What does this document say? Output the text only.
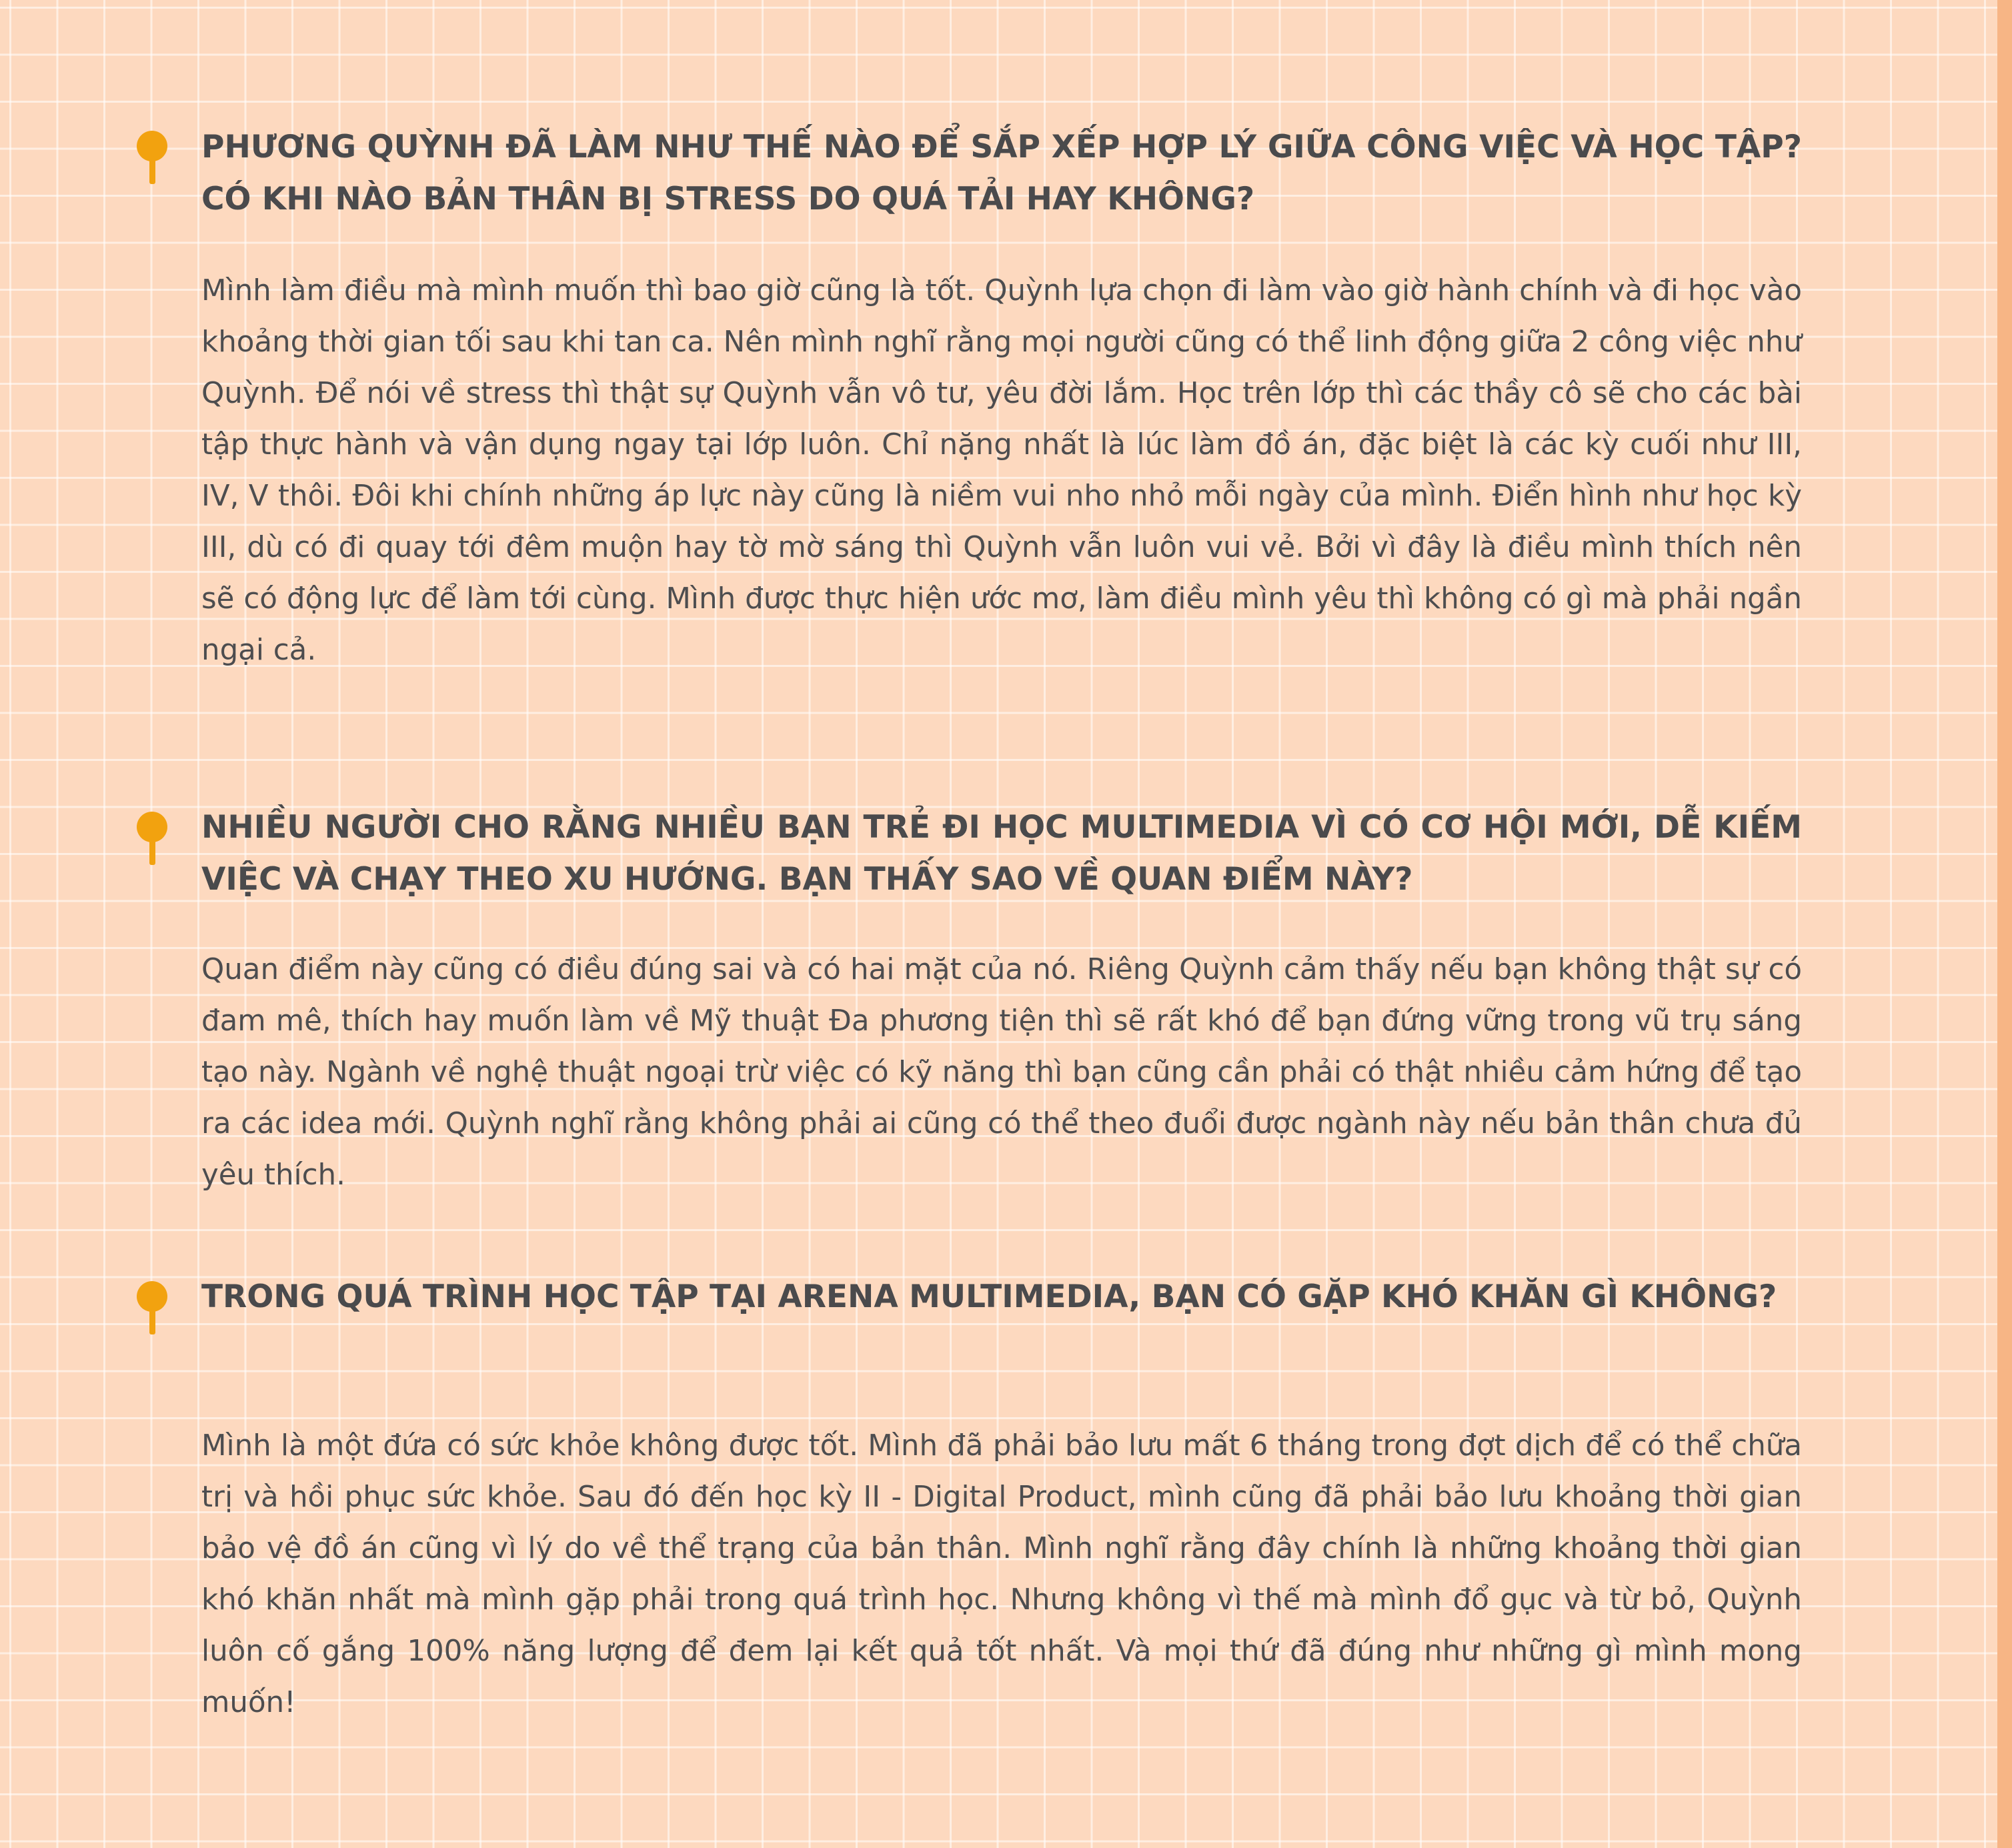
PHƯƠNG QUỲNH ĐÃ LÀM NHƯ THẾ NÀO ĐỂ SẮP XẾP HỢP LÝ GIỮA CÔNG VIỆC VÀ HỌC TẬP? CÓ KHI NÀO BẢN THÂN BỊ STRESS DO QUÁ TẢI HAY KHÔNG?

Mình làm điều mà mình muốn thì bao giờ cũng là tốt. Quỳnh lựa chọn đi làm vào giờ hành chính và đi học vào khoảng thời gian tối sau khi tan ca. Nên mình nghĩ rằng mọi người cũng có thể linh động giữa 2 công việc như Quỳnh. Để nói về stress thì thật sự Quỳnh vẫn vô tư, yêu đời lắm. Học trên lớp thì các thầy cô sẽ cho các bài tập thực hành và vận dụng ngay tại lớp luôn. Chỉ nặng nhất là lúc làm đồ án, đặc biệt là các kỳ cuối như III, IV, V thôi. Đôi khi chính những áp lực này cũng là niềm vui nho nhỏ mỗi ngày của mình. Điển hình như học kỳ III, dù có đi quay tới đêm muộn hay tờ mờ sáng thì Quỳnh vẫn luôn vui vẻ. Bởi vì đây là điều mình thích nên sẽ có động lực để làm tới cùng. Mình được thực hiện ước mơ, làm điều mình yêu thì không có gì mà phải ngần ngại cả.

NHIỀU NGƯỜI CHO RẰNG NHIỀU BẠN TRẺ ĐI HỌC MULTIMEDIA VÌ CÓ CƠ HỘI MỚI, DỄ KIẾM VIỆC VÀ CHẠY THEO XU HƯỚNG. BẠN THẤY SAO VỀ QUAN ĐIỂM NÀY?

Quan điểm này cũng có điều đúng sai và có hai mặt của nó. Riêng Quỳnh cảm thấy nếu bạn không thật sự có đam mê, thích hay muốn làm về Mỹ thuật Đa phương tiện thì sẽ rất khó để bạn đứng vững trong vũ trụ sáng tạo này. Ngành về nghệ thuật ngoại trừ việc có kỹ năng thì bạn cũng cần phải có thật nhiều cảm hứng để tạo ra các idea mới. Quỳnh nghĩ rằng không phải ai cũng có thể theo đuổi được ngành này nếu bản thân chưa đủ yêu thích.

TRONG QUÁ TRÌNH HỌC TẬP TẠI ARENA MULTIMEDIA, BẠN CÓ GẶP KHÓ KHĂN GÌ KHÔNG?

Mình là một đứa có sức khỏe không được tốt. Mình đã phải bảo lưu mất 6 tháng trong đợt dịch để có thể chữa trị và hồi phục sức khỏe. Sau đó đến học kỳ II - Digital Product, mình cũng đã phải bảo lưu khoảng thời gian bảo vệ đồ án cũng vì lý do về thể trạng của bản thân. Mình nghĩ rằng đây chính là những khoảng thời gian khó khăn nhất mà mình gặp phải trong quá trình học. Nhưng không vì thế mà mình đổ gục và từ bỏ, Quỳnh luôn cố gắng 100% năng lượng để đem lại kết quả tốt nhất. Và mọi thứ đã đúng như những gì mình mong muốn!
